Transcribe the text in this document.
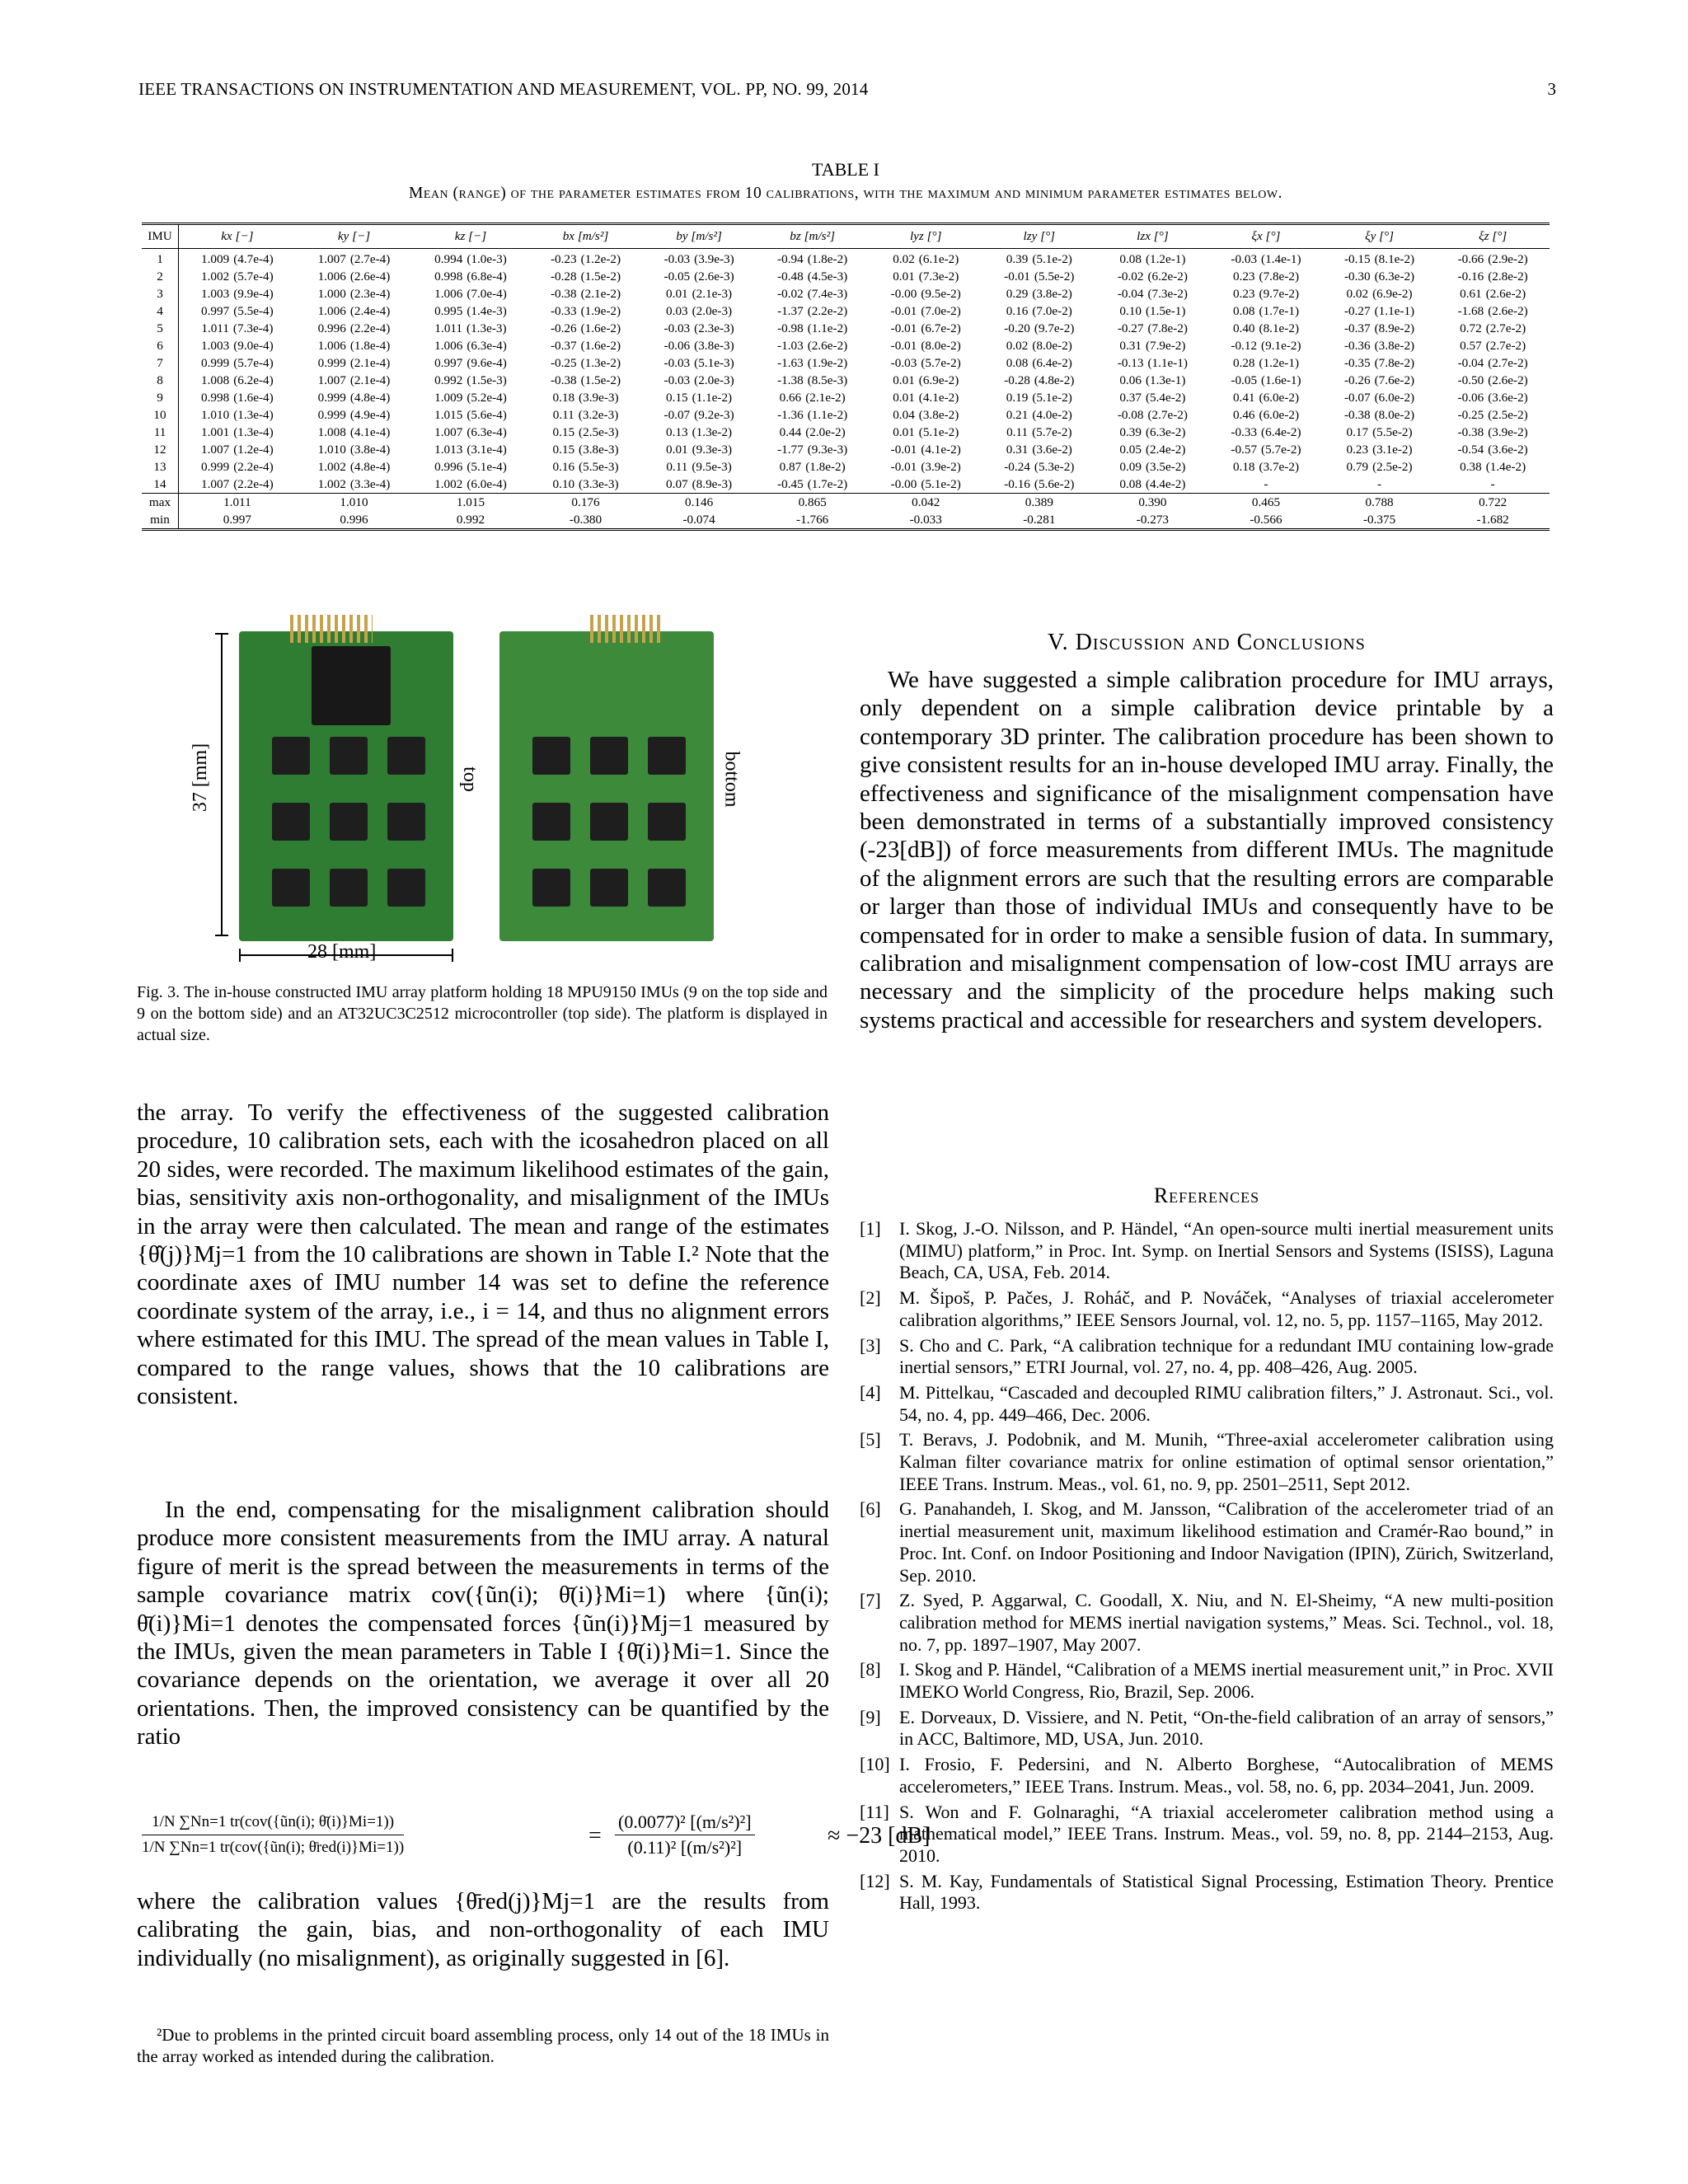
IEEE TRANSACTIONS ON INSTRUMENTATION AND MEASUREMENT, VOL. PP, NO. 99, 2014	3
TABLE I
Mean (range) of the parameter estimates from 10 calibrations, with the maximum and minimum parameter estimates below.
IMU	kx [−]	ky [−]	kz [−]	bx [m/s²]	by [m/s²]	bz [m/s²]	lyz [°]	lzy [°]	lzx [°]	ξx [°]	ξy [°]	ξz [°]
1	1.009 (4.7e-4)	1.007 (2.7e-4)	0.994 (1.0e-3)	-0.23 (1.2e-2)	-0.03 (3.9e-3)	-0.94 (1.8e-2)	0.02 (6.1e-2)	0.39 (5.1e-2)	0.08 (1.2e-1)	-0.03 (1.4e-1)	-0.15 (8.1e-2)	-0.66 (2.9e-2)
2	1.002 (5.7e-4)	1.006 (2.6e-4)	0.998 (6.8e-4)	-0.28 (1.5e-2)	-0.05 (2.6e-3)	-0.48 (4.5e-3)	0.01 (7.3e-2)	-0.01 (5.5e-2)	-0.02 (6.2e-2)	0.23 (7.8e-2)	-0.30 (6.3e-2)	-0.16 (2.8e-2)
3	1.003 (9.9e-4)	1.000 (2.3e-4)	1.006 (7.0e-4)	-0.38 (2.1e-2)	0.01 (2.1e-3)	-0.02 (7.4e-3)	-0.00 (9.5e-2)	0.29 (3.8e-2)	-0.04 (7.3e-2)	0.23 (9.7e-2)	0.02 (6.9e-2)	0.61 (2.6e-2)
4	0.997 (5.5e-4)	1.006 (2.4e-4)	0.995 (1.4e-3)	-0.33 (1.9e-2)	0.03 (2.0e-3)	-1.37 (2.2e-2)	-0.01 (7.0e-2)	0.16 (7.0e-2)	0.10 (1.5e-1)	0.08 (1.7e-1)	-0.27 (1.1e-1)	-1.68 (2.6e-2)
5	1.011 (7.3e-4)	0.996 (2.2e-4)	1.011 (1.3e-3)	-0.26 (1.6e-2)	-0.03 (2.3e-3)	-0.98 (1.1e-2)	-0.01 (6.7e-2)	-0.20 (9.7e-2)	-0.27 (7.8e-2)	0.40 (8.1e-2)	-0.37 (8.9e-2)	0.72 (2.7e-2)
6	1.003 (9.0e-4)	1.006 (1.8e-4)	1.006 (6.3e-4)	-0.37 (1.6e-2)	-0.06 (3.8e-3)	-1.03 (2.6e-2)	-0.01 (8.0e-2)	0.02 (8.0e-2)	0.31 (7.9e-2)	-0.12 (9.1e-2)	-0.36 (3.8e-2)	0.57 (2.7e-2)
7	0.999 (5.7e-4)	0.999 (2.1e-4)	0.997 (9.6e-4)	-0.25 (1.3e-2)	-0.03 (5.1e-3)	-1.63 (1.9e-2)	-0.03 (5.7e-2)	0.08 (6.4e-2)	-0.13 (1.1e-1)	0.28 (1.2e-1)	-0.35 (7.8e-2)	-0.04 (2.7e-2)
8	1.008 (6.2e-4)	1.007 (2.1e-4)	0.992 (1.5e-3)	-0.38 (1.5e-2)	-0.03 (2.0e-3)	-1.38 (8.5e-3)	0.01 (6.9e-2)	-0.28 (4.8e-2)	0.06 (1.3e-1)	-0.05 (1.6e-1)	-0.26 (7.6e-2)	-0.50 (2.6e-2)
9	0.998 (1.6e-4)	0.999 (4.8e-4)	1.009 (5.2e-4)	0.18 (3.9e-3)	0.15 (1.1e-2)	0.66 (2.1e-2)	0.01 (4.1e-2)	0.19 (5.1e-2)	0.37 (5.4e-2)	0.41 (6.0e-2)	-0.07 (6.0e-2)	-0.06 (3.6e-2)
10	1.010 (1.3e-4)	0.999 (4.9e-4)	1.015 (5.6e-4)	0.11 (3.2e-3)	-0.07 (9.2e-3)	-1.36 (1.1e-2)	0.04 (3.8e-2)	0.21 (4.0e-2)	-0.08 (2.7e-2)	0.46 (6.0e-2)	-0.38 (8.0e-2)	-0.25 (2.5e-2)
11	1.001 (1.3e-4)	1.008 (4.1e-4)	1.007 (6.3e-4)	0.15 (2.5e-3)	0.13 (1.3e-2)	0.44 (2.0e-2)	0.01 (5.1e-2)	0.11 (5.7e-2)	0.39 (6.3e-2)	-0.33 (6.4e-2)	0.17 (5.5e-2)	-0.38 (3.9e-2)
12	1.007 (1.2e-4)	1.010 (3.8e-4)	1.013 (3.1e-4)	0.15 (3.8e-3)	0.01 (9.3e-3)	-1.77 (9.3e-3)	-0.01 (4.1e-2)	0.31 (3.6e-2)	0.05 (2.4e-2)	-0.57 (5.7e-2)	0.23 (3.1e-2)	-0.54 (3.6e-2)
13	0.999 (2.2e-4)	1.002 (4.8e-4)	0.996 (5.1e-4)	0.16 (5.5e-3)	0.11 (9.5e-3)	0.87 (1.8e-2)	-0.01 (3.9e-2)	-0.24 (5.3e-2)	0.09 (3.5e-2)	0.18 (3.7e-2)	0.79 (2.5e-2)	0.38 (1.4e-2)
14	1.007 (2.2e-4)	1.002 (3.3e-4)	1.002 (6.0e-4)	0.10 (3.3e-3)	0.07 (8.9e-3)	-0.45 (1.7e-2)	-0.00 (5.1e-2)	-0.16 (5.6e-2)	0.08 (4.4e-2)	-	-	-
max	1.011	1.010	1.015	0.176	0.146	0.865	0.042	0.389	0.390	0.465	0.788	0.722
min	0.997	0.996	0.992	-0.380	-0.074	-1.766	-0.033	-0.281	-0.273	-0.566	-0.375	-1.682
37 [mm]	top	bottom
28 [mm]
Fig. 3. The in-house constructed IMU array platform holding 18 MPU9150 IMUs (9 on the top side and 9 on the bottom side) and an AT32UC3C2512 microcontroller (top side). The platform is displayed in actual size.
the array. To verify the effectiveness of the suggested calibration procedure, 10 calibration sets, each with the icosahedron placed on all 20 sides, were recorded. The maximum likelihood estimates of the gain, bias, sensitivity axis non-orthogonality, and misalignment of the IMUs in the array were then calculated. The mean and range of the estimates {θ̂(j)}Mj=1 from the 10 calibrations are shown in Table I.² Note that the coordinate axes of IMU number 14 was set to define the reference coordinate system of the array, i.e., i = 14, and thus no alignment errors where estimated for this IMU. The spread of the mean values in Table I, compared to the range values, shows that the 10 calibrations are consistent.
In the end, compensating for the misalignment calibration should produce more consistent measurements from the IMU array. A natural figure of merit is the spread between the measurements in terms of the sample covariance matrix cov({ũn(i); θ̄(i)}Mi=1) where {ũn(i); θ̄(i)}Mi=1 denotes the compensated forces {ũn(i)}Mj=1 measured by the IMUs, given the mean parameters in Table I {θ̄(i)}Mi=1. Since the covariance depends on the orientation, we average it over all 20 orientations. Then, the improved consistency can be quantified by the ratio
1/N ∑Nn=1 tr(cov({ũn(i); θ̄(i)}Mi=1))
1/N ∑Nn=1 tr(cov({ũn(i); θ̄red(i)}Mi=1))	= $\frac{\text{(0.0077)² [(m/s²)²]}}{\text{(0.11)² [(m/s²)²]}}$	≈ −23 [dB]
where the calibration values {θ̄red(j)}Mj=1 are the results from calibrating the gain, bias, and non-orthogonality of each IMU individually (no misalignment), as originally suggested in [6].
²Due to problems in the printed circuit board assembling process, only 14 out of the 18 IMUs in the array worked as intended during the calibration.
V. Discussion and Conclusions
We have suggested a simple calibration procedure for IMU arrays, only dependent on a simple calibration device printable by a contemporary 3D printer. The calibration procedure has been shown to give consistent results for an in-house developed IMU array. Finally, the effectiveness and significance of the misalignment compensation have been demonstrated in terms of a substantially improved consistency (-23[dB]) of force measurements from different IMUs. The magnitude of the alignment errors are such that the resulting errors are comparable or larger than those of individual IMUs and consequently have to be compensated for in order to make a sensible fusion of data. In summary, calibration and misalignment compensation of low-cost IMU arrays are necessary and the simplicity of the procedure helps making such systems practical and accessible for researchers and system developers.
References
[1] I. Skog, J.-O. Nilsson, and P. Händel, “An open-source multi inertial measurement units (MIMU) platform,” in Proc. Int. Symp. on Inertial Sensors and Systems (ISISS), Laguna Beach, CA, USA, Feb. 2014.
[2] M. Šipoš, P. Pačes, J. Roháč, and P. Nováček, “Analyses of triaxial accelerometer calibration algorithms,” IEEE Sensors Journal, vol. 12, no. 5, pp. 1157–1165, May 2012.
[3] S. Cho and C. Park, “A calibration technique for a redundant IMU containing low-grade inertial sensors,” ETRI Journal, vol. 27, no. 4, pp. 408–426, Aug. 2005.
[4] M. Pittelkau, “Cascaded and decoupled RIMU calibration filters,” J. Astronaut. Sci., vol. 54, no. 4, pp. 449–466, Dec. 2006.
[5] T. Beravs, J. Podobnik, and M. Munih, “Three-axial accelerometer calibration using Kalman filter covariance matrix for online estimation of optimal sensor orientation,” IEEE Trans. Instrum. Meas., vol. 61, no. 9, pp. 2501–2511, Sept 2012.
[6] G. Panahandeh, I. Skog, and M. Jansson, “Calibration of the accelerometer triad of an inertial measurement unit, maximum likelihood estimation and Cramér-Rao bound,” in Proc. Int. Conf. on Indoor Positioning and Indoor Navigation (IPIN), Zürich, Switzerland, Sep. 2010.
[7] Z. Syed, P. Aggarwal, C. Goodall, X. Niu, and N. El-Sheimy, “A new multi-position calibration method for MEMS inertial navigation systems,” Meas. Sci. Technol., vol. 18, no. 7, pp. 1897–1907, May 2007.
[8] I. Skog and P. Händel, “Calibration of a MEMS inertial measurement unit,” in Proc. XVII IMEKO World Congress, Rio, Brazil, Sep. 2006.
[9] E. Dorveaux, D. Vissiere, and N. Petit, “On-the-field calibration of an array of sensors,” in ACC, Baltimore, MD, USA, Jun. 2010.
[10] I. Frosio, F. Pedersini, and N. Alberto Borghese, “Autocalibration of MEMS accelerometers,” IEEE Trans. Instrum. Meas., vol. 58, no. 6, pp. 2034–2041, Jun. 2009.
[11] S. Won and F. Golnaraghi, “A triaxial accelerometer calibration method using a mathematical model,” IEEE Trans. Instrum. Meas., vol. 59, no. 8, pp. 2144–2153, Aug. 2010.
[12] S. M. Kay, Fundamentals of Statistical Signal Processing, Estimation Theory. Prentice Hall, 1993.
